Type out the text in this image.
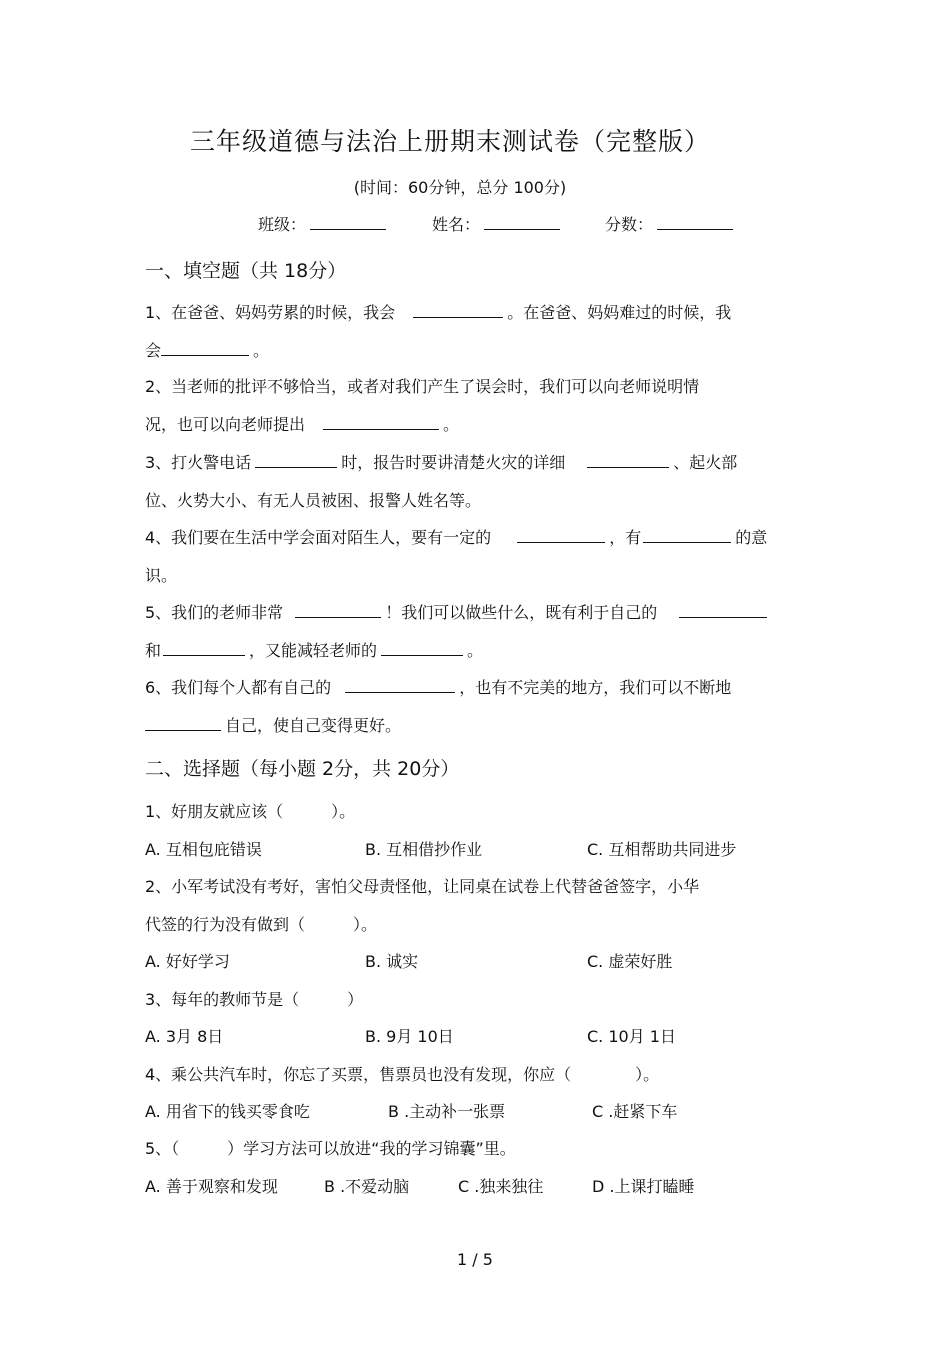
三年级道德与法治上册期末测试卷（完整版）
(时间：60分钟，总分 100分)
班级：	姓名：	分数：
一、填空题（共 18分）
1、在爸爸、妈妈劳累的时候，我会	。在爸爸、妈妈难过的时候，我
会	。
2、当老师的批评不够恰当，或者对我们产生了误会时，我们可以向老师说明情
况，也可以向老师提出	。
3、打火警电话	时，报告时要讲清楚火灾的详细	、起火部
位、火势大小、有无人员被困、报警人姓名等。
4、我们要在生活中学会面对陌生人，要有一定的	，有	的意
识。
5、我们的老师非常	！我们可以做些什么，既有利于自己的
和	，又能减轻老师的	。
6、我们每个人都有自己的	，也有不完美的地方，我们可以不断地
自己，使自己变得更好。
二、选择题（每小题 2分，共 20分）
1、好朋友就应该（　　　）。
A. 互相包庇错误	B. 互相借抄作业	C. 互相帮助共同进步
2、小军考试没有考好，害怕父母责怪他，让同桌在试卷上代替爸爸签字，小华
代签的行为没有做到（　　　）。
A. 好好学习	B. 诚实	C. 虚荣好胜
3、每年的教师节是（　　　）
A. 3月 8日	B. 9月 10日	C. 10月 1日
4、乘公共汽车时，你忘了买票，售票员也没有发现，你应（　　　　）。
A. 用省下的钱买零食吃	B .主动补一张票	C .赶紧下车
5、（　　　）学习方法可以放进“我的学习锦囊”里。
A. 善于观察和发现	B .不爱动脑	C .独来独往	D .上课打瞌睡
1 / 5
